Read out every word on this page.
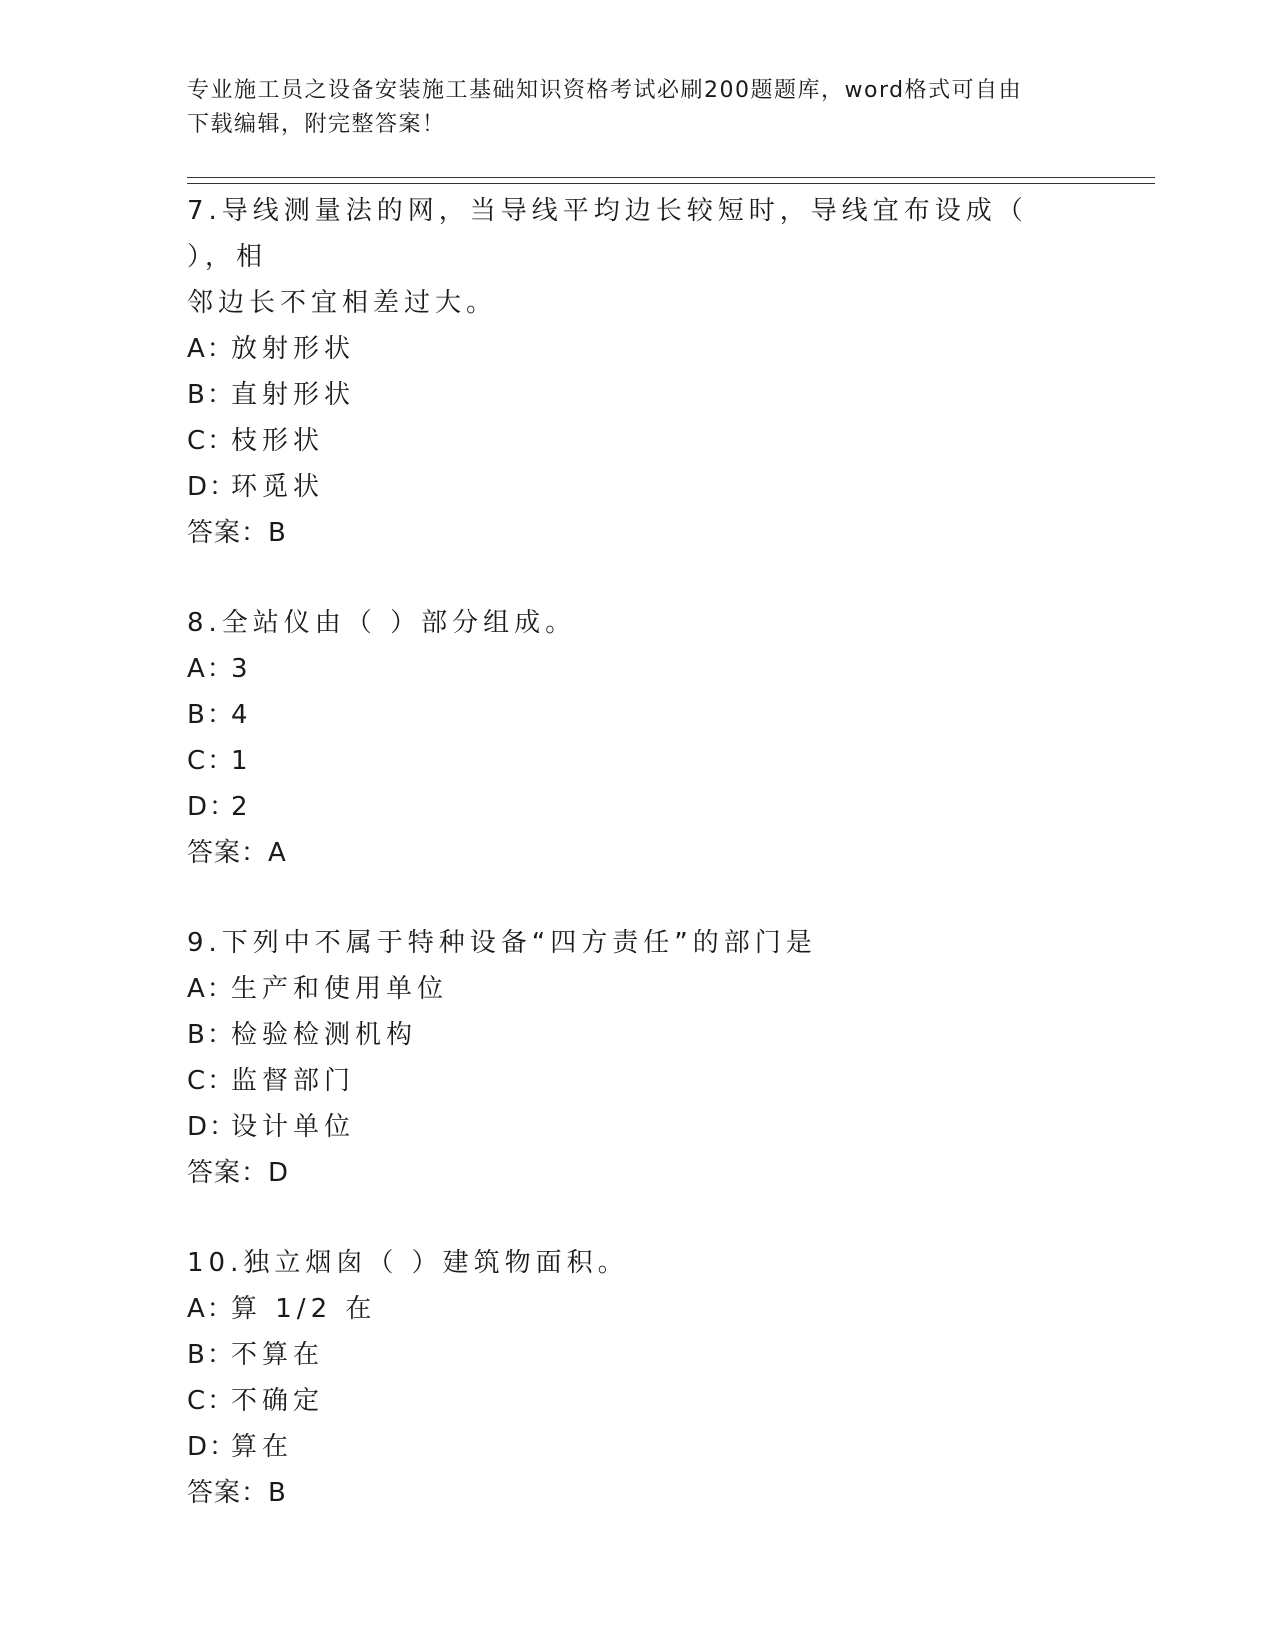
专业施工员之设备安装施工基础知识资格考试必刷200题题库，word格式可自由
下载编辑，附完整答案！
7.导线测量法的网，当导线平均边长较短时，导线宜布设成（ ），相
邻边长不宜相差过大。
A：放射形状
B：直射形状
C：枝形状
D：环觅状
答案：B
8.全站仪由（ ）部分组成。
A：3
B：4
C：1
D：2
答案：A
9.下列中不属于特种设备“四方责任”的部门是
A：生产和使用单位
B：检验检测机构
C：监督部门
D：设计单位
答案：D
10.独立烟囱（ ）建筑物面积。
A：算 1/2 在
B：不算在
C：不确定
D：算在
答案：B
